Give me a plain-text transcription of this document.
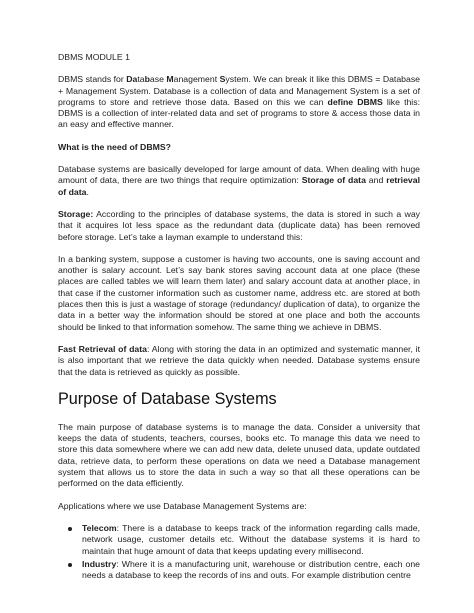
DBMS MODULE 1

DBMS stands for Database Management System. We can break it like this DBMS = Database + Management System. Database is a collection of data and Management System is a set of programs to store and retrieve those data. Based on this we can define DBMS like this: DBMS is a collection of inter-related data and set of programs to store & access those data in an easy and effective manner.

What is the need of DBMS?

Database systems are basically developed for large amount of data. When dealing with huge amount of data, there are two things that require optimization: Storage of data and retrieval of data.

Storage: According to the principles of database systems, the data is stored in such a way that it acquires lot less space as the redundant data (duplicate data) has been removed before storage. Let’s take a layman example to understand this:

In a banking system, suppose a customer is having two accounts, one is saving account and another is salary account. Let’s say bank stores saving account data at one place (these places are called tables we will learn them later) and salary account data at another place, in that case if the customer information such as customer name, address etc. are stored at both places then this is just a wastage of storage (redundancy/ duplication of data), to organize the data in a better way the information should be stored at one place and both the accounts should be linked to that information somehow. The same thing we achieve in DBMS.

Fast Retrieval of data: Along with storing the data in an optimized and systematic manner, it is also important that we retrieve the data quickly when needed. Database systems ensure that the data is retrieved as quickly as possible.

Purpose of Database Systems

The main purpose of database systems is to manage the data. Consider a university that keeps the data of students, teachers, courses, books etc. To manage this data we need to store this data somewhere where we can add new data, delete unused data, update outdated data, retrieve data, to perform these operations on data we need a Database management system that allows us to store the data in such a way so that all these operations can be performed on the data efficiently.

Applications where we use Database Management Systems are:

Telecom: There is a database to keeps track of the information regarding calls made, network usage, customer details etc. Without the database systems it is hard to maintain that huge amount of data that keeps updating every millisecond.
Industry: Where it is a manufacturing unit, warehouse or distribution centre, each one needs a database to keep the records of ins and outs. For example distribution centre
